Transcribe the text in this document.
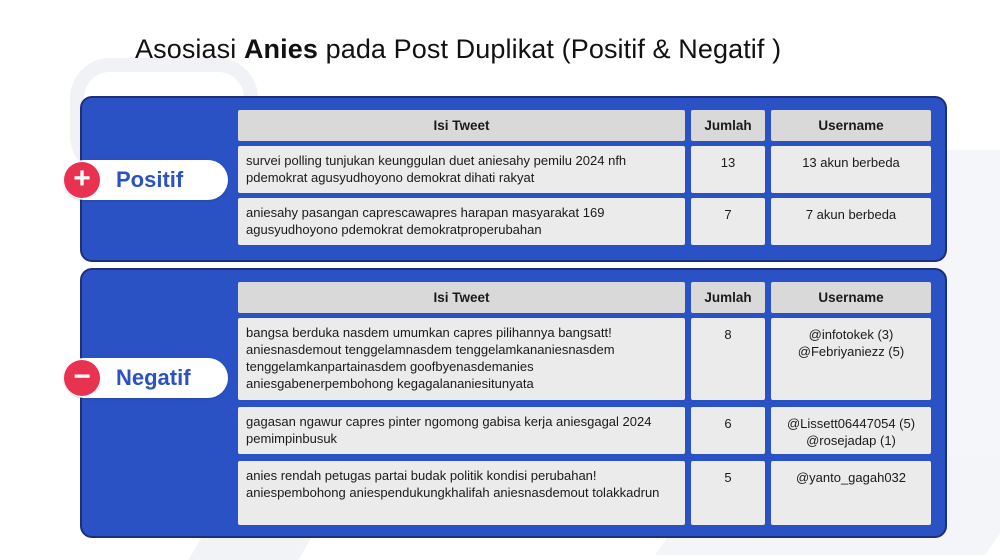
Asosiasi Anies pada Post Duplikat (Positif & Negatif )
+	Positif
Isi Tweet	Jumlah	Username
survei polling tunjukan keunggulan duet aniesahy pemilu 2024 nfh pdemokrat agusyudhoyono demokrat dihati rakyat
13	13 akun berbeda
aniesahy pasangan caprescawapres harapan masyarakat 169 agusyudhoyono pdemokrat demokratproperubahan
7	7 akun berbeda
−	Negatif
Isi Tweet	Jumlah	Username
bangsa berduka nasdem umumkan capres pilihannya bangsatt! aniesnasdemout tenggelamnasdem tenggelamkananiesnasdem tenggelamkanpartainasdem goofbyenasdemanies aniesgabenerpembohong kegagalananiesitunyata
8	@infotokek (3)
@Febriyaniezz (5)
gagasan ngawur capres pinter ngomong gabisa kerja aniesgagal 2024 pemimpinbusuk
6	@Lissett06447054 (5)
@rosejadap (1)
anies rendah petugas partai budak politik kondisi perubahan! aniespembohong aniespendukungkhalifah aniesnasdemout tolakkadrun
5	@yanto_gagah032
